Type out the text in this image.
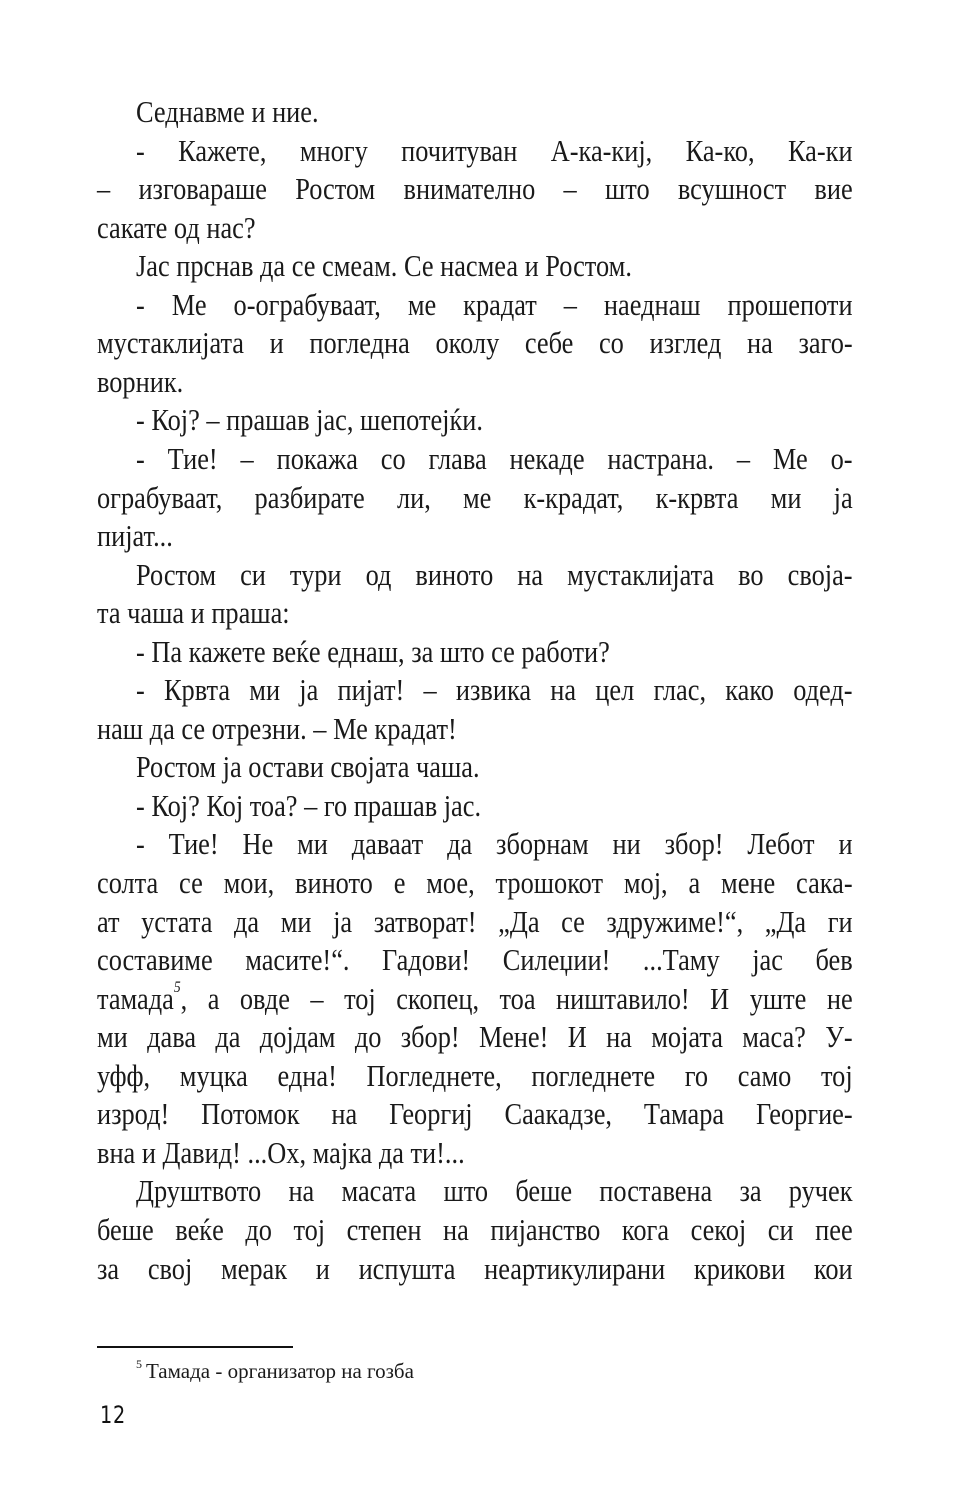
Седнавме и ние.
- Кажете, многу почитуван А-ка-киј, Ка-ко, Ка-ки
– изговараше Ростом внимателно – што всушност вие
сакате од нас?
Јас прснав да се смеам. Се насмеа и Ростом.
- Ме о-ограбуваат, ме крадат – наеднаш прошепоти
мустаклијата и погледна околу себе со изглед на заго-
ворник.
- Кој? – прашав јас, шепотејќи.
- Тие! – покажа со глава некаде настрана. – Ме о-
ограбуваат, разбирате ли, ме к-крадат, к-крвта ми ја
пијат...
Ростом си тури од виното на мустаклијата во своја-
та чаша и праша:
- Па кажете веќе еднаш, за што се работи?
- Крвта ми ја пијат! – извика на цел глас, како одед-
наш да се отрезни. – Ме крадат!
Ростом ја остави својата чаша.
- Кој? Кој тоа? – го прашав јас.
- Тие! Не ми даваат да зборнам ни збор! Лебот и
солта се мои, виното е мое, трошокот мој, а мене сака-
ат устата да ми ја затворат! „Да се здружиме!“, „Да ги
составиме масите!“. Гадови! Силеџии! ...Таму јас бев
тамада$^5$, а овде – тој скопец, тоа ништавило! И уште не
ми дава да дојдам до збор! Мене! И на мојата маса? У-
уфф, муцка една! Погледнете, погледнете го само тој
изрод! Потомок на Георгиј Саакадзе, Тамара Георгие-
вна и Давид! ...Ох, мајка да ти!...
Друштвото на масата што беше поставена за ручек
беше веќе до тој степен на пијанство кога секој си пее
за свој мерак и испушта неартикулирани крикови кои
$^5$ Тамада - организатор на гозба
12
